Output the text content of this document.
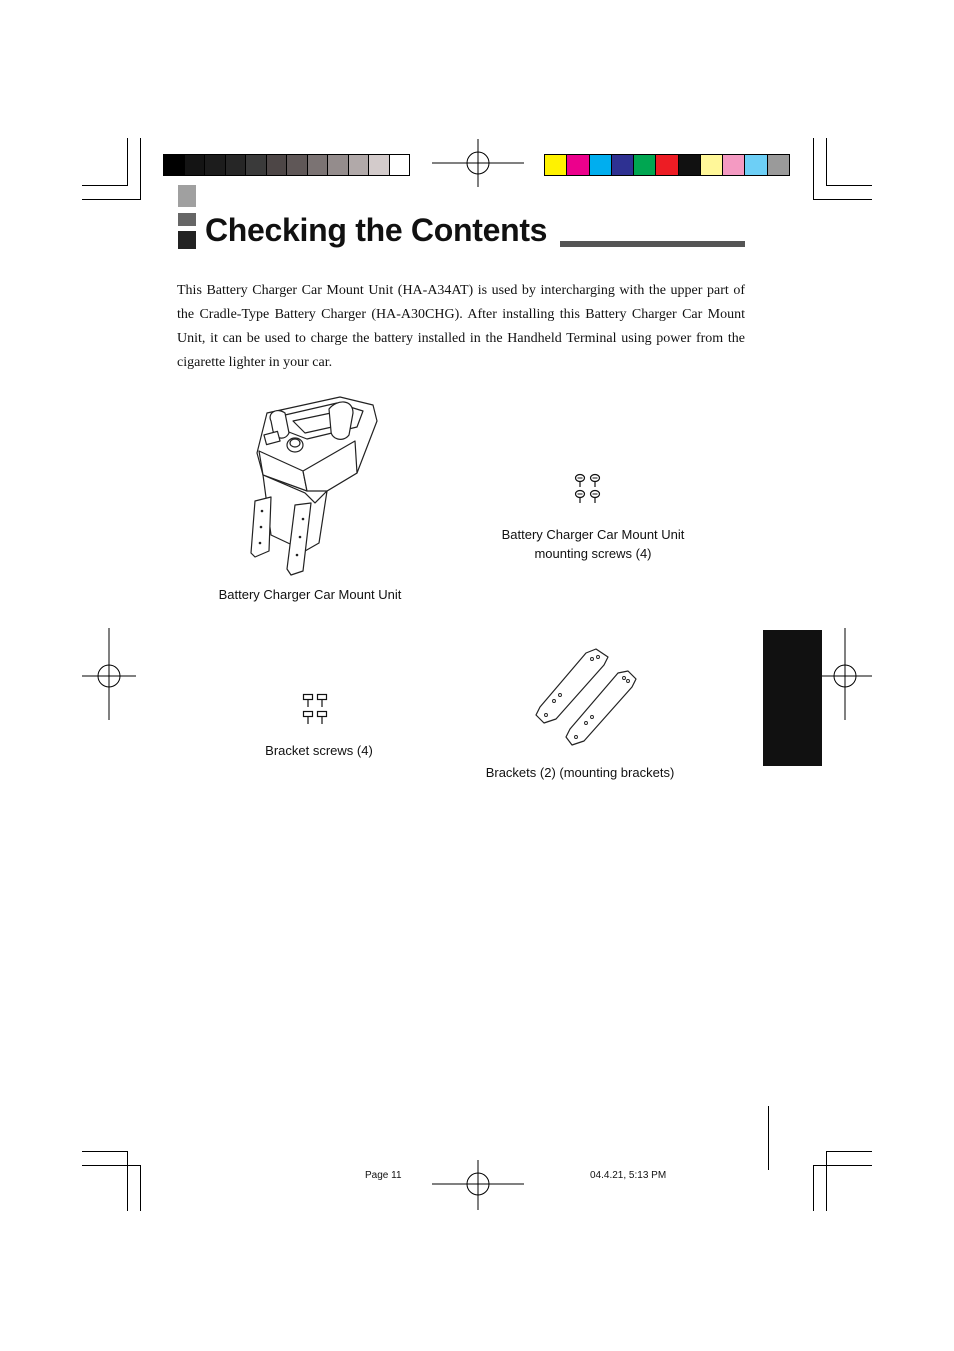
Checking the Contents
This Battery Charger Car Mount Unit (HA-A34AT) is used by intercharging with the upper part of the Cradle-Type Battery Charger (HA-A30CHG). After installing this Battery Charger Car Mount Unit, it can be used to charge the battery installed in the Handheld Terminal using power from the cigarette lighter in your car.
Battery Charger Car Mount Unit
Battery Charger Car Mount Unit
mounting screws (4)
Bracket screws (4)
Brackets (2) (mounting brackets)
Page 11	04.4.21, 5:13 PM
